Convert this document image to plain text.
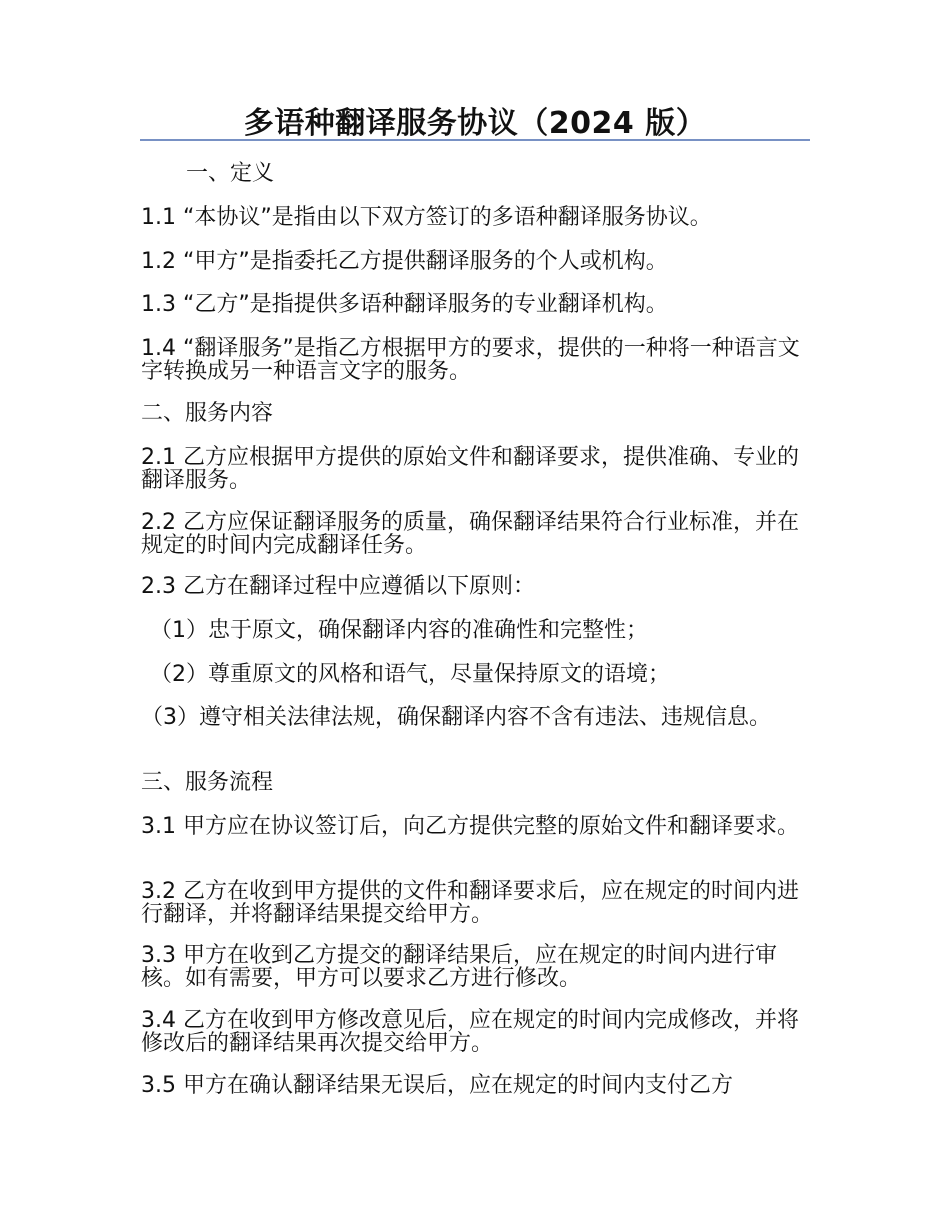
多语种翻译服务协议（2024 版）

一、定义

1.1 “本协议”是指由以下双方签订的多语种翻译服务协议。

1.2 “甲方”是指委托乙方提供翻译服务的个人或机构。

1.3 “乙方”是指提供多语种翻译服务的专业翻译机构。

1.4 “翻译服务”是指乙方根据甲方的要求，提供的一种将一种语言文字转换成另一种语言文字的服务。

二、服务内容

2.1 乙方应根据甲方提供的原始文件和翻译要求，提供准确、专业的翻译服务。

2.2 乙方应保证翻译服务的质量，确保翻译结果符合行业标准，并在规定的时间内完成翻译任务。

2.3 乙方在翻译过程中应遵循以下原则：

（1）忠于原文，确保翻译内容的准确性和完整性；

（2）尊重原文的风格和语气，尽量保持原文的语境；

（3）遵守相关法律法规，确保翻译内容不含有违法、违规信息。

三、服务流程

3.1 甲方应在协议签订后，向乙方提供完整的原始文件和翻译要求。

3.2 乙方在收到甲方提供的文件和翻译要求后，应在规定的时间内进行翻译，并将翻译结果提交给甲方。

3.3 甲方在收到乙方提交的翻译结果后，应在规定的时间内进行审核。如有需要，甲方可以要求乙方进行修改。

3.4 乙方在收到甲方修改意见后，应在规定的时间内完成修改，并将修改后的翻译结果再次提交给甲方。

3.5 甲方在确认翻译结果无误后，应在规定的时间内支付乙方
